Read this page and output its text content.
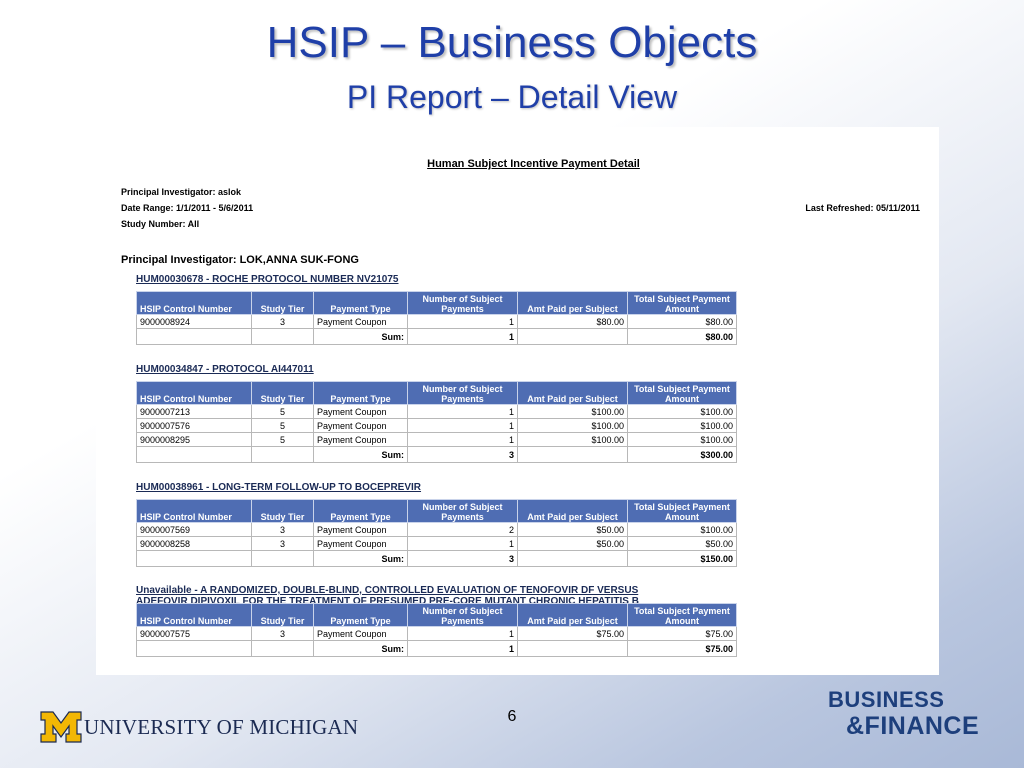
HSIP – Business Objects
PI Report – Detail View
Human Subject Incentive Payment Detail
Principal Investigator: aslok
Date Range: 1/1/2011 - 5/6/2011
Study Number: All
Last Refreshed: 05/11/2011
Principal Investigator: LOK,ANNA SUK-FONG
HUM00030678 - ROCHE PROTOCOL NUMBER NV21075
HSIP Control Number	Study Tier	Payment Type	Number of Subject Payments	Amt Paid per Subject	Total Subject Payment Amount
9000008924	3	Payment Coupon	1	$80.00	$80.00
		Sum:	1		$80.00
HUM00034847 - PROTOCOL AI447011
HSIP Control Number	Study Tier	Payment Type	Number of Subject Payments	Amt Paid per Subject	Total Subject Payment Amount
9000007213	5	Payment Coupon	1	$100.00	$100.00
9000007576	5	Payment Coupon	1	$100.00	$100.00
9000008295	5	Payment Coupon	1	$100.00	$100.00
		Sum:	3		$300.00
HUM00038961 - LONG-TERM FOLLOW-UP TO BOCEPREVIR
HSIP Control Number	Study Tier	Payment Type	Number of Subject Payments	Amt Paid per Subject	Total Subject Payment Amount
9000007569	3	Payment Coupon	2	$50.00	$100.00
9000008258	3	Payment Coupon	1	$50.00	$50.00
		Sum:	3		$150.00
Unavailable - A RANDOMIZED, DOUBLE-BLIND, CONTROLLED EVALUATION OF TENOFOVIR DF VERSUS
ADEFOVIR DIPIVOXIL FOR THE TREATMENT OF PRESUMED PRE-CORE MUTANT CHRONIC HEPATITIS B
HSIP Control Number	Study Tier	Payment Type	Number of Subject Payments	Amt Paid per Subject	Total Subject Payment Amount
9000007575	3	Payment Coupon	1	$75.00	$75.00
		Sum:	1		$75.00
6
UNIVERSITY OF MICHIGAN
BUSINESS
&FINANCE
